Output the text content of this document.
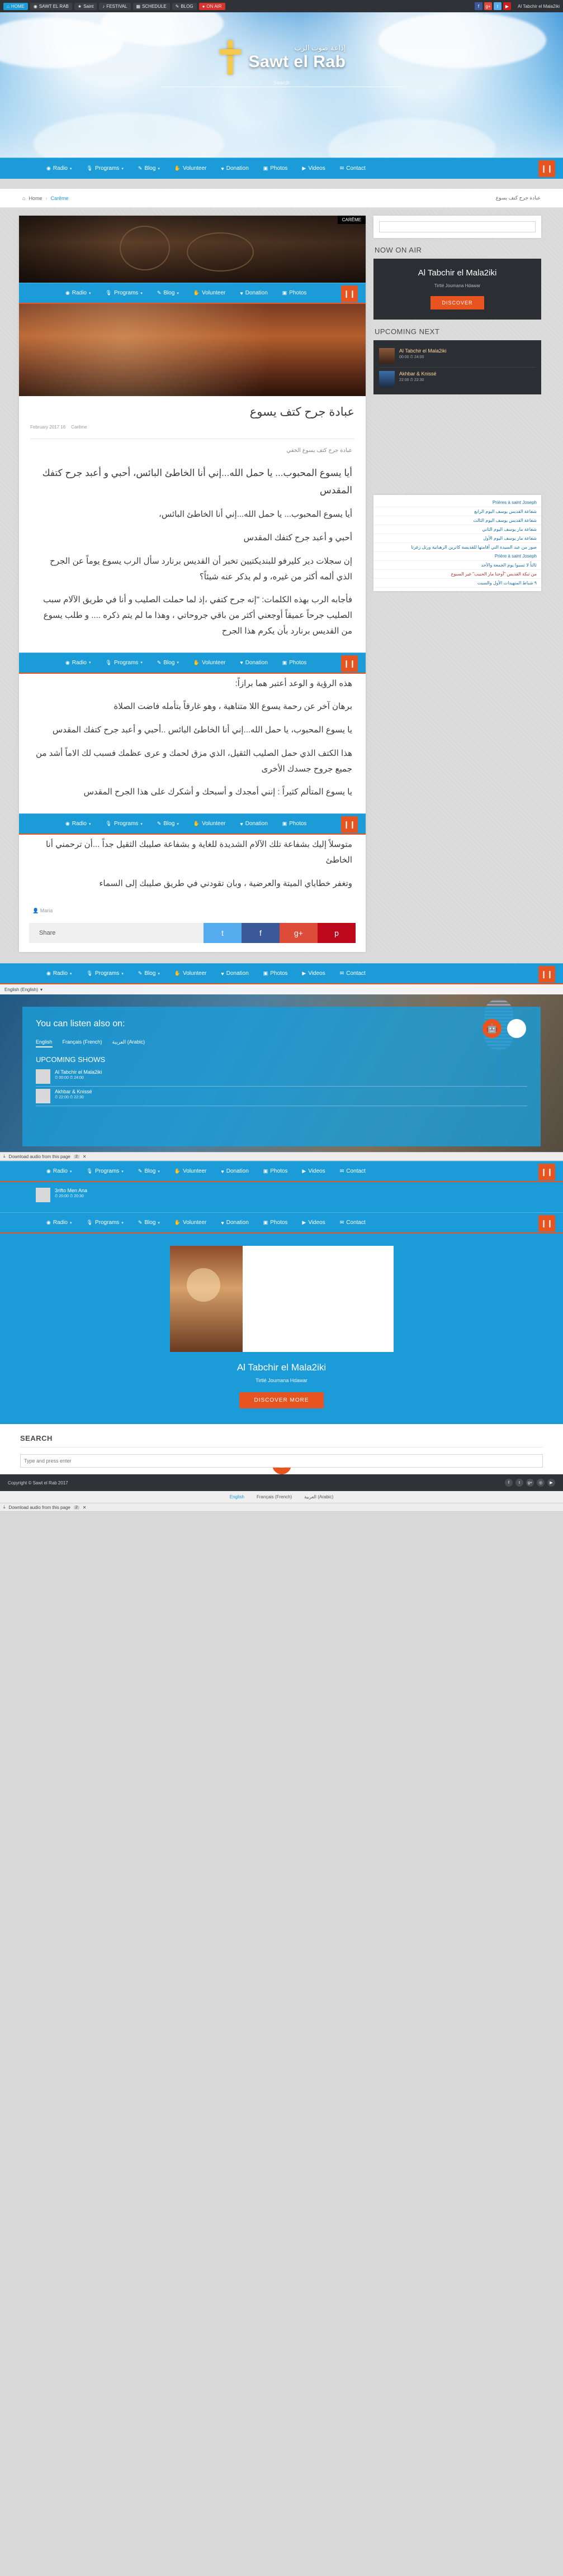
⌂ HOME ◉ SAWT EL RAB ★ Saint ♪ FESTIVAL ▦ SCHEDULE ✎ BLOG ● ON AIR	f	g+	t	▶	Al Tabchir el Mala2iki
إذاعة صوت الرب
Sawt el Rab
Search
◉ Radio ▾	🎙 Programs ▾	✎ Blog ▾	✋ Volunteer	♥ Donation	▣ Photos	▶ Videos	✉ Contact	❙❙
⌂ Home › Carême	عبادة جرح كتف يسوع
CARÊME
◉ Radio ▾	🎙 Programs ▾	✎ Blog ▾	✋ Volunteer	♥ Donation	▣ Photos	❙❙
عبادة جرح كتف يسوع
Carême
16 February 2017

عبادة جرح كتف يسوع الخفي

أيا يسوع المحبوب... يا حمل الله...إني أنا الخاطئ البائس، أحبي و أعبد جرح كتفك المقدس

أيا يسوع المحبوب... يا حمل الله...إني أنا الخاطئ البائس،

أحبي و أعبد جرح كتفك المقدس

إن سجلات دير كليرفو للبنديكتيين تخبر أن القديس برنارد سأل الرب يسوع يوماً عن الجرح الذي ألمه أكثر من غيره، و لم يذكر عنه شيئاً؟

فأجابه الرب بهذه الكلمات: "إنه جرح كتفي ،إذ لما حملت الصليب و أنا في طريق الآلام سبب الصليب جرحاً عميقاً أوجعني أكثر من باقي جروحاتي ، وهذا ما لم يتم ذكره .... و طلب يسوع من القديس برنارد بأن يكرم هذا الجرح

◉ Radio ▾	🎙 Programs ▾	✎ Blog ▾	✋ Volunteer	♥ Donation	▣ Photos	❙❙

هذه الرؤية و الوعد أعتبر هما برازاً:

برهان آخر عن رحمة يسوع اللا متناهية ، وهو غارقاً بتأمله فاضت الصلاة

يا يسوع المحبوب، يا حمل الله...إني أنا الخاطئ البائس ..أحبي و أعبد جرح كتفك المقدس

هذا الكتف الذي حمل الصليب الثقيل، الذي مزق لحمك و عرى عظمك فسبب لك الاماً أشد من جميع جروح جسدك الأخرى

يا يسوع المتألم كثيراً : إنني أمجدك و أسبحك و أشكرك على هذا الجرح المقدس

◉ Radio ▾	🎙 Programs ▾	✎ Blog ▾	✋ Volunteer	♥ Donation	▣ Photos	❙❙

متوسلاً إليك بشفاعة تلك الآلام الشديدة للغاية و بشفاعة صليبك الثقيل جداً ...أن ترحمني أنا الخاطئ

وتغفر خطاياي الميتة والعرضية ، وبان تقودني في طريق صليبك إلى السماء

👤 Maria
Share	t	f	g+	p
NOW ON AIR
Al Tabchir el Mala2iki
Tirtlé Joumana Hdawar
DISCOVER
UPCOMING NEXT
Al Tabchir el Mala2iki
00:00 ⏱ 24:00
Akhbar & Knissé
22:00 ⏱ 22:30
Prières à saint Joseph
شفاعة القديس يوسف اليوم الرابع
شفاعة القديس يوسف اليوم الثالث
شفاعة مار يوسف اليوم الثاني
شفاعة مار يوسف اليوم الأول
صور من عيد السيدة التي أقامتها للقديسة كاترين الرهبانية ورتل زغرتا
Prière à saint Joseph
ثالثاً لا تسبوا يوم الجمعة والأحد
من تبكة القديس "أوحنا مار الحبيب" غير السبوع
٩ شباط المتهيدات الأول والسبت
◉ Radio ▾	🎙 Programs ▾	✎ Blog ▾	✋ Volunteer	♥ Donation	▣ Photos	▶ Videos	✉ Contact	❙❙
English (English) ▾
🤖
You can listen also on:
English Français (French) العربية (Arabic)
UPCOMING SHOWS
Al Tabchir el Mala2iki
⏱ 00:00 ⏱ 24:00
Akhbar & Knissé
⏱ 22:00 ⏱ 22:30
⤓ Download audio from this page	2	✕
◉ Radio ▾	🎙 Programs ▾	✎ Blog ▾	✋ Volunteer	♥ Donation	▣ Photos	▶ Videos	✉ Contact	❙❙
3rifto Men Ana
⏱ 20:00 ⏱ 20:30
◉ Radio ▾	🎙 Programs ▾	✎ Blog ▾	✋ Volunteer	♥ Donation	▣ Photos	▶ Videos	✉ Contact	❙❙
Al Tabchir el Mala2iki
Tirtlé Joumana Hdawar
DISCOVER MORE
SEARCH
Type and press enter
Copyright © Sawt el Rab 2017	f	t	g+	◎	▶
English	Français (French)	العربية (Arabic)
⤓ Download audio from this page	2	✕
